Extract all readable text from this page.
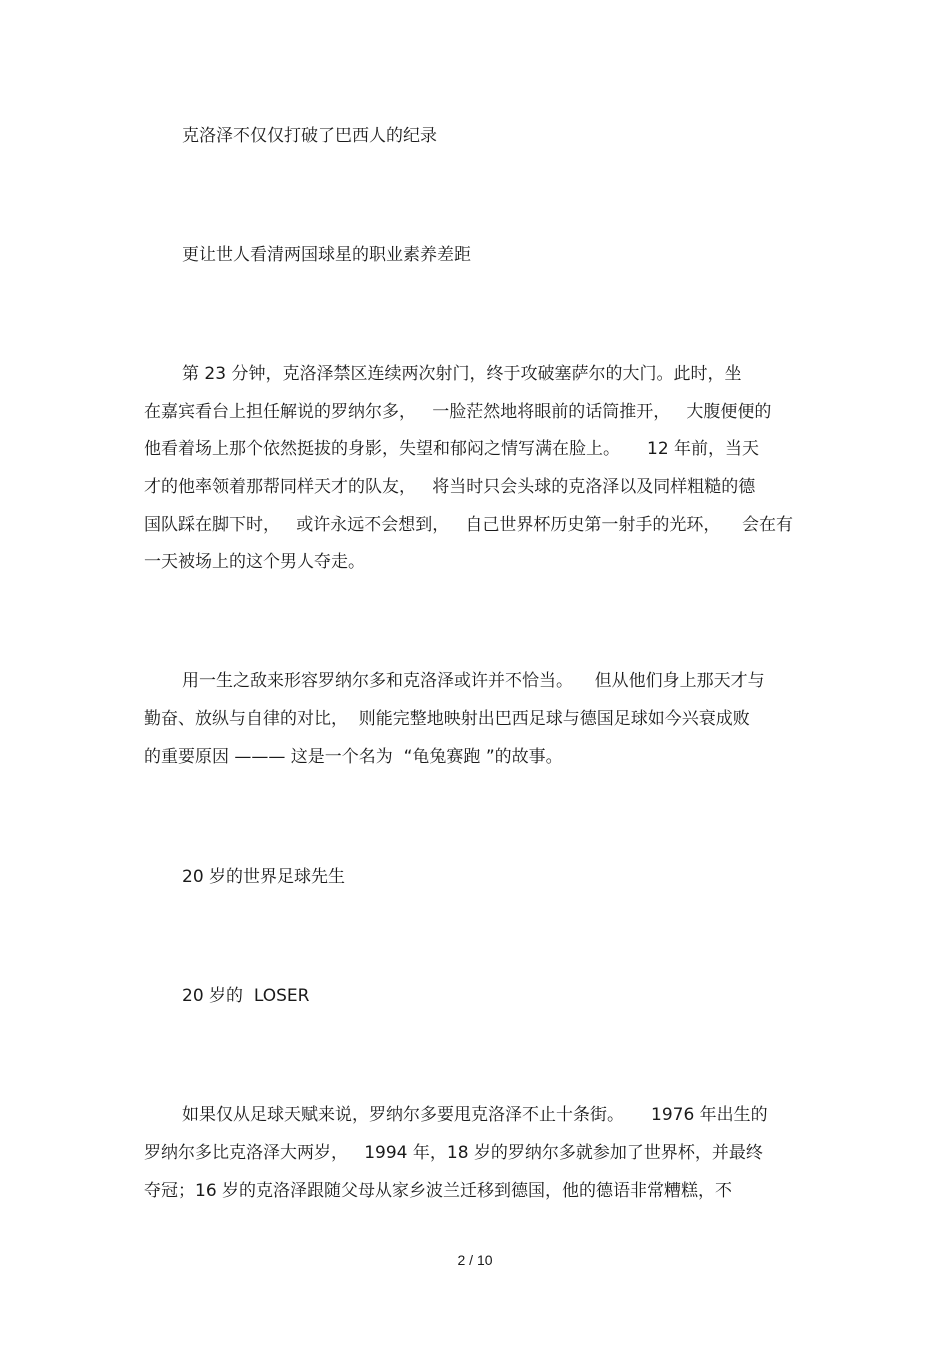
克洛泽不仅仅打破了巴西人的纪录

更让世人看清两国球星的职业素养差距

第 23 分钟，克洛泽禁区连续两次射门，终于攻破塞萨尔的大门。此时，坐

在嘉宾看台上担任解说的罗纳尔多，   一脸茫然地将眼前的话筒推开，   大腹便便的

他看着场上那个依然挺拔的身影，失望和郁闷之情写满在脸上。     12 年前，当天

才的他率领着那帮同样天才的队友，   将当时只会头球的克洛泽以及同样粗糙的德

国队踩在脚下时，   或许永远不会想到，   自己世界杯历史第一射手的光环，    会在有

一天被场上的这个男人夺走。

用一生之敌来形容罗纳尔多和克洛泽或许并不恰当。    但从他们身上那天才与

勤奋、放纵与自律的对比，  则能完整地映射出巴西足球与德国足球如今兴衰成败

的重要原因 ——— 这是一个名为  “龟兔赛跑 ”的故事。

20 岁的世界足球先生

20 岁的  LOSER

如果仅从足球天赋来说，罗纳尔多要甩克洛泽不止十条街。     1976 年出生的

罗纳尔多比克洛泽大两岁，   1994 年，18 岁的罗纳尔多就参加了世界杯，并最终

夺冠；16 岁的克洛泽跟随父母从家乡波兰迁移到德国，他的德语非常糟糕，不

2 / 10
